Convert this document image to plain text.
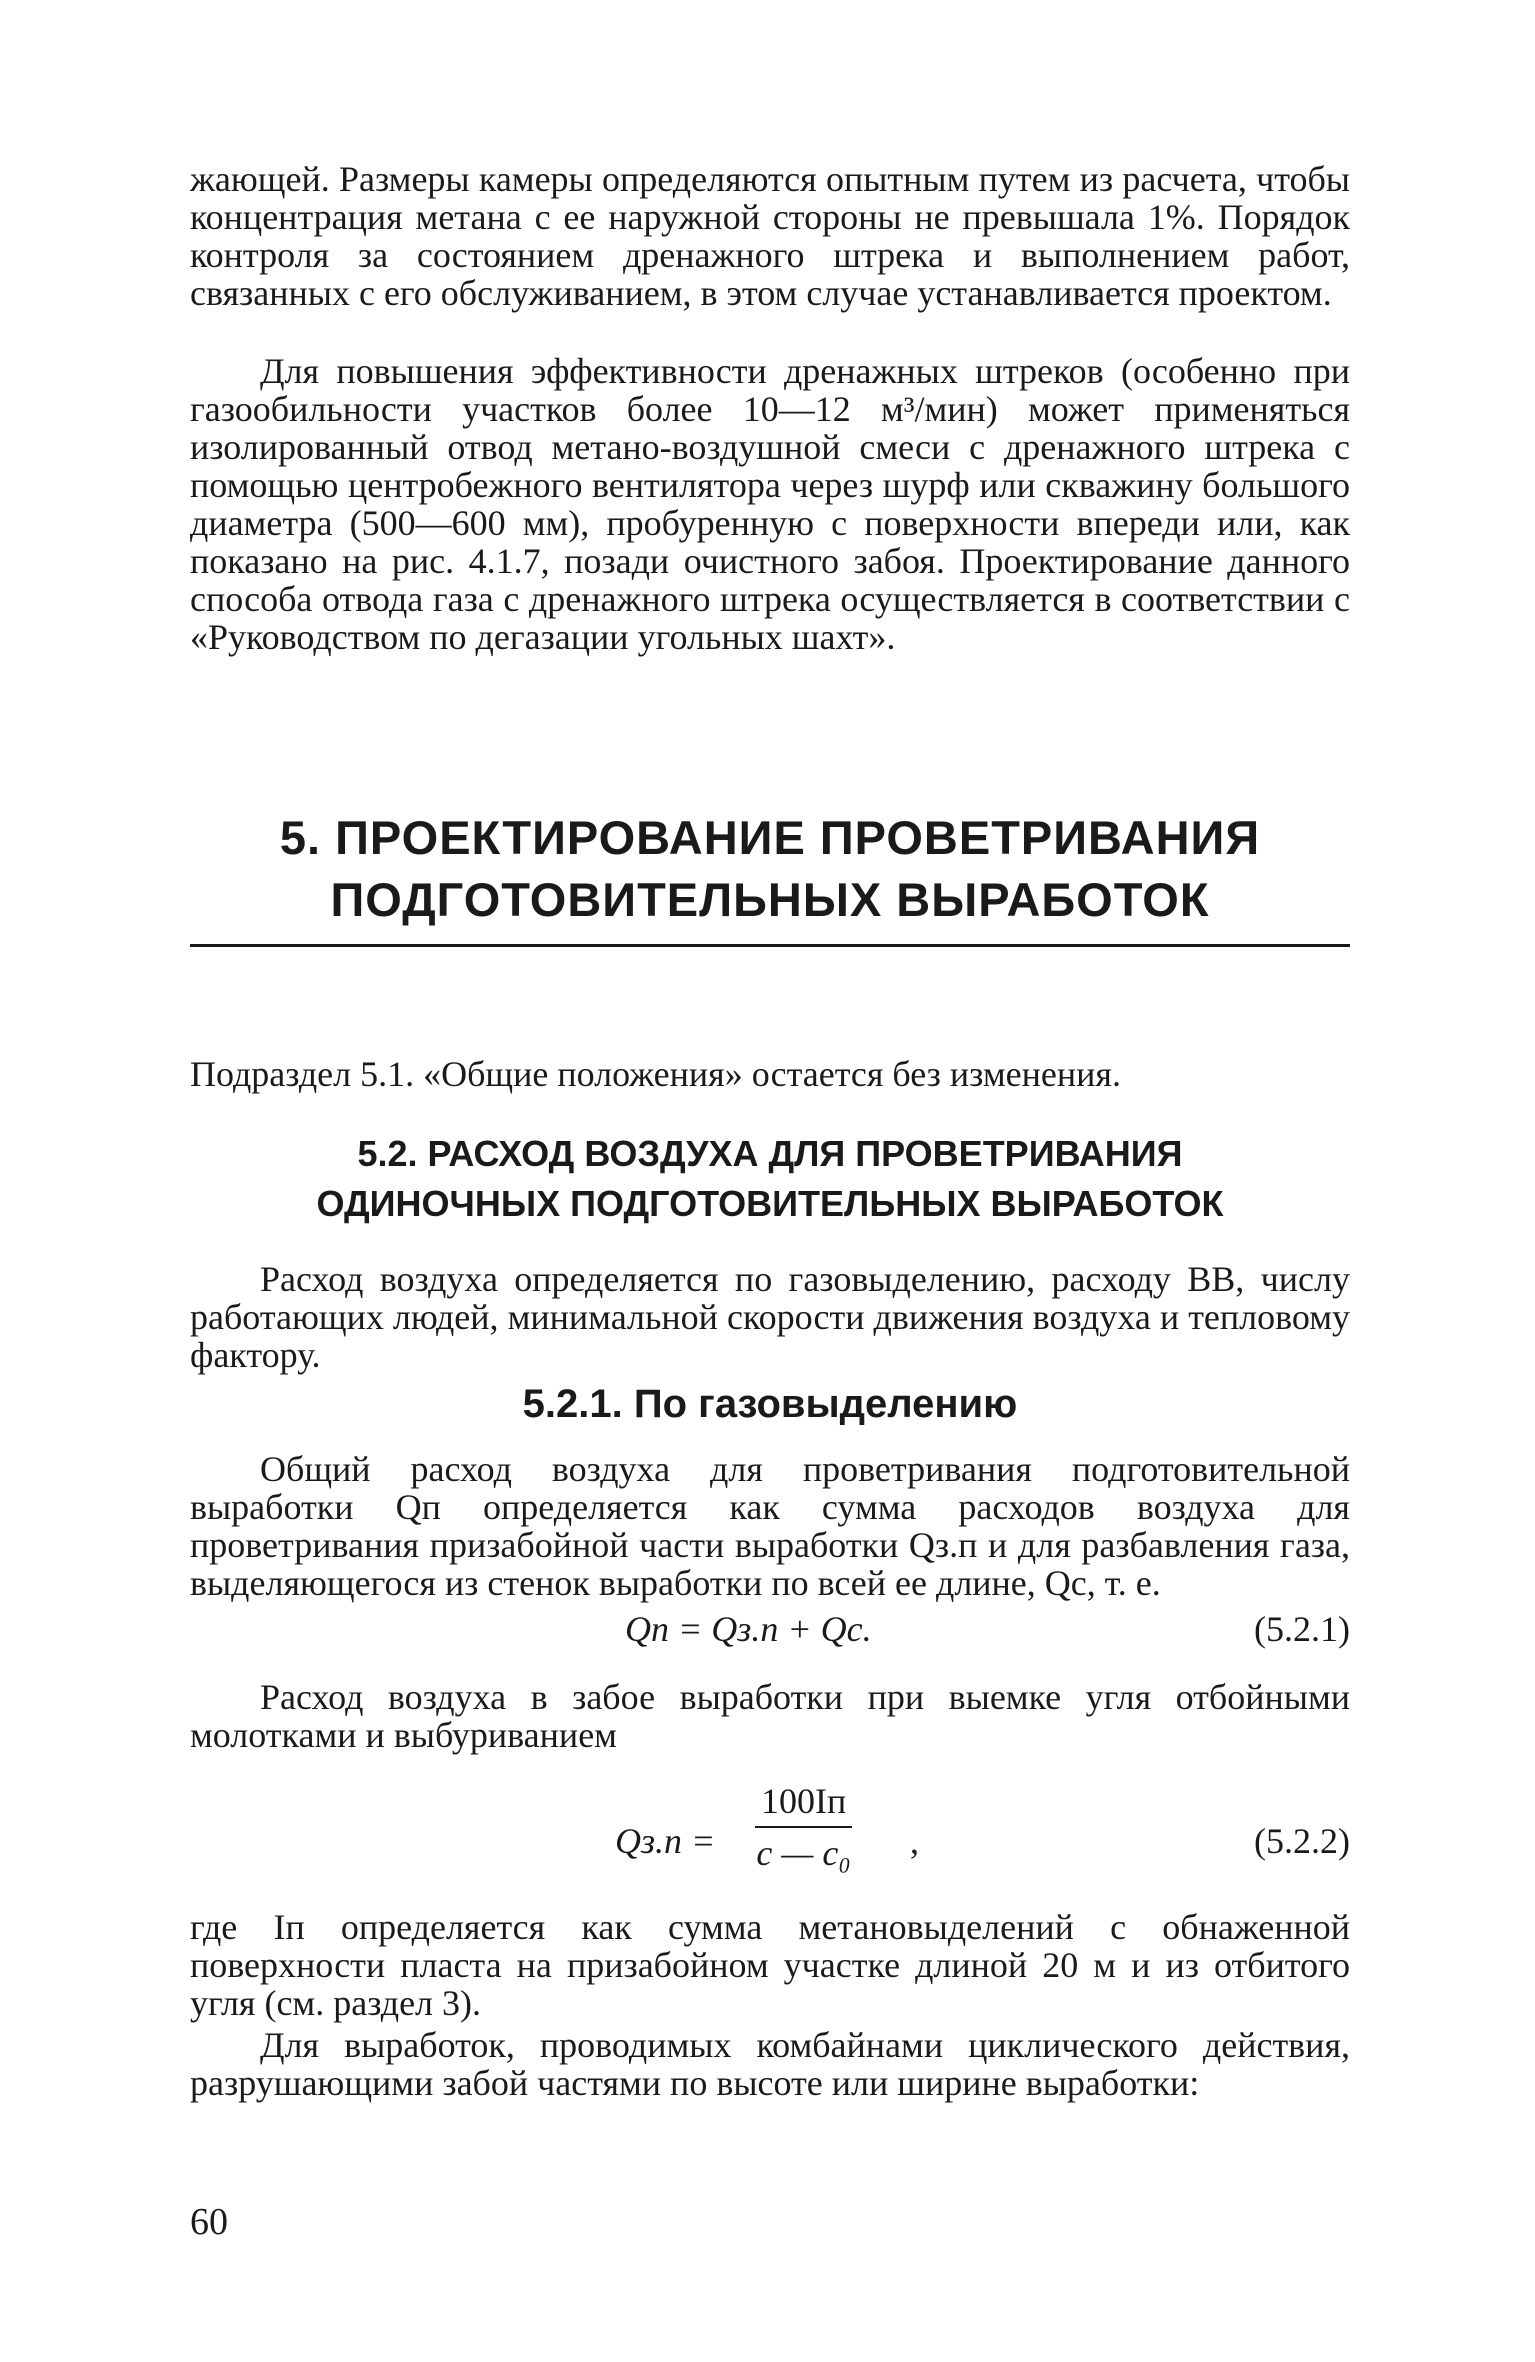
жающей. Размеры камеры определяются опытным путем из расчета, чтобы концентрация метана с ее наружной стороны не превышала 1%. Порядок контроля за состоянием дренажного штрека и выполнением работ, связанных с его обслуживанием, в этом случае устанавливается проектом.

Для повышения эффективности дренажных штреков (особенно при газообильности участков более 10—12 м³/мин) может применяться изолированный отвод метано-воздушной смеси с дренажного штрека с помощью центробежного вентилятора через шурф или скважину большого диаметра (500—600 мм), пробуренную с поверхности впереди или, как показано на рис. 4.1.7, позади очистного забоя. Проектирование данного способа отвода газа с дренажного штрека осуществляется в соответствии с «Руководством по дегазации угольных шахт».

5. ПРОЕКТИРОВАНИЕ ПРОВЕТРИВАНИЯ
ПОДГОТОВИТЕЛЬНЫХ ВЫРАБОТОК

Подраздел 5.1. «Общие положения» остается без изменения.

5.2. РАСХОД ВОЗДУХА ДЛЯ ПРОВЕТРИВАНИЯ
ОДИНОЧНЫХ ПОДГОТОВИТЕЛЬНЫХ ВЫРАБОТОК

Расход воздуха определяется по газовыделению, расходу ВВ, числу работающих людей, минимальной скорости движения воздуха и тепловому фактору.

5.2.1. По газовыделению

Общий расход воздуха для проветривания подготовительной выработки Qп определяется как сумма расходов воздуха для проветривания призабойной части выработки Qз.п и для разбавления газа, выделяющегося из стенок выработки по всей ее длине, Qс, т. е.

Qп = Qз.п + Qс.	(5.2.1)

Расход воздуха в забое выработки при выемке угля отбойными молотками и выбуриванием

Qз.п =
100Iп
c — c₀ ,	(5.2.2)

где Iп определяется как сумма метановыделений с обнаженной поверхности пласта на призабойном участке длиной 20 м и из отбитого угля (см. раздел 3).

Для выработок, проводимых комбайнами циклического действия, разрушающими забой частями по высоте или ширине выработки:

60
